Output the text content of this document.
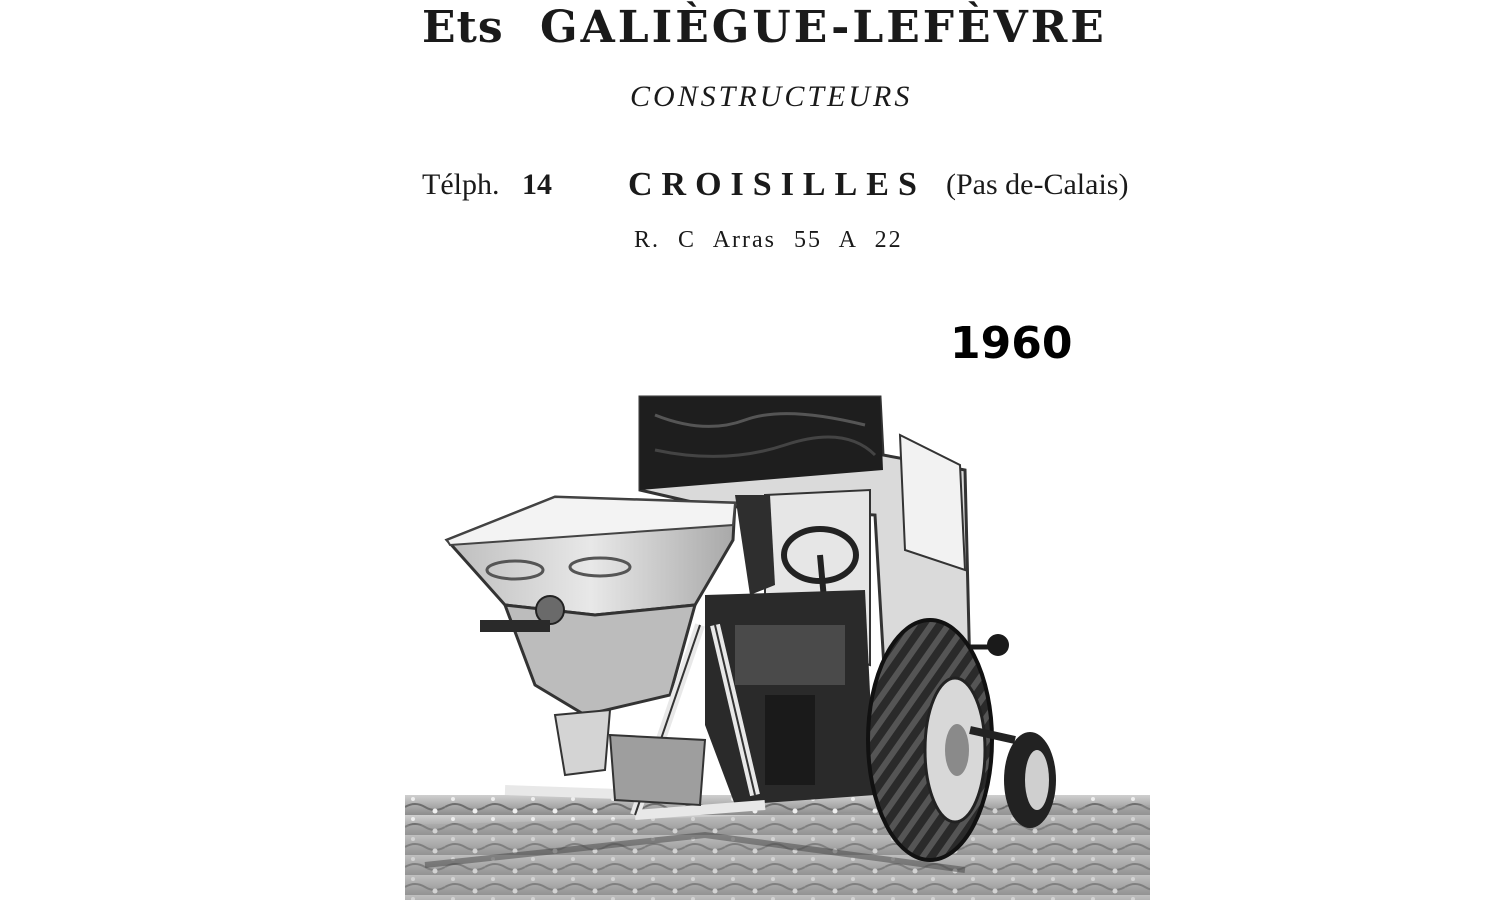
Ets GALIÈGUE-LEFÈVRE
CONSTRUCTEURS
Télph. 14 CROISILLES (Pas de-Calais)
R. C Arras 55 A 22
1960
